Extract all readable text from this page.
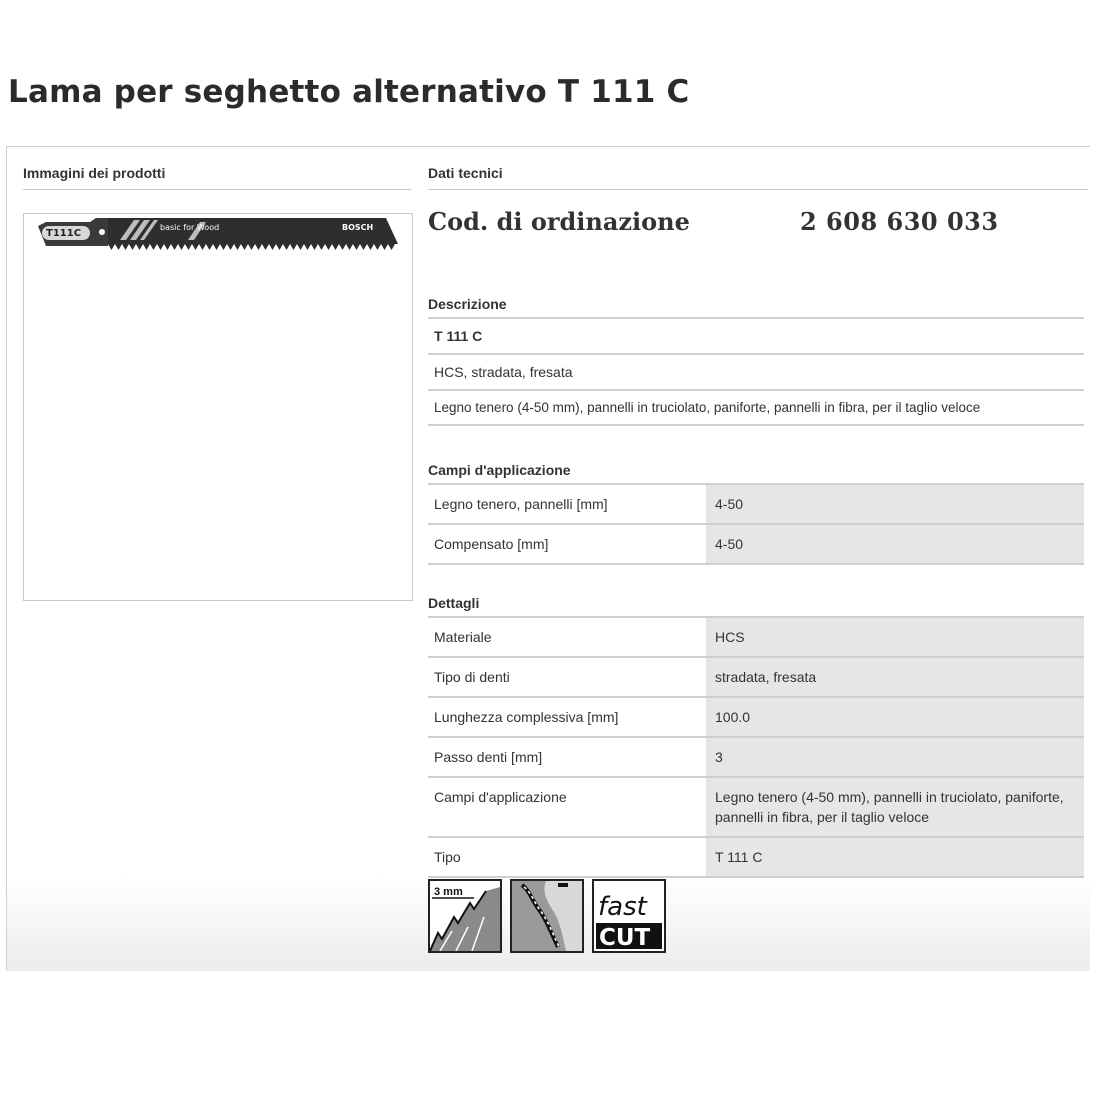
Lama per seghetto alternativo T 111 C
Immagini dei prodotti
T111C
basic for Wood	BOSCH
Dati tecnici
Cod. di ordinazione	2 608 630 033
Descrizione
T 111 C
HCS, stradata, fresata
Legno tenero (4-50 mm), pannelli in truciolato, paniforte, pannelli in fibra, per il taglio veloce
Campi d'applicazione
Legno tenero, pannelli [mm]	4-50
Compensato [mm]	4-50
Dettagli
Materiale	HCS
Tipo di denti	stradata, fresata
Lunghezza complessiva [mm]	100.0
Passo denti [mm]	3
Campi d'applicazione	Legno tenero (4-50 mm), pannelli in truciolato, paniforte, pannelli in fibra, per il taglio veloce
Tipo	T 111 C
3 mm	fast
CUT
